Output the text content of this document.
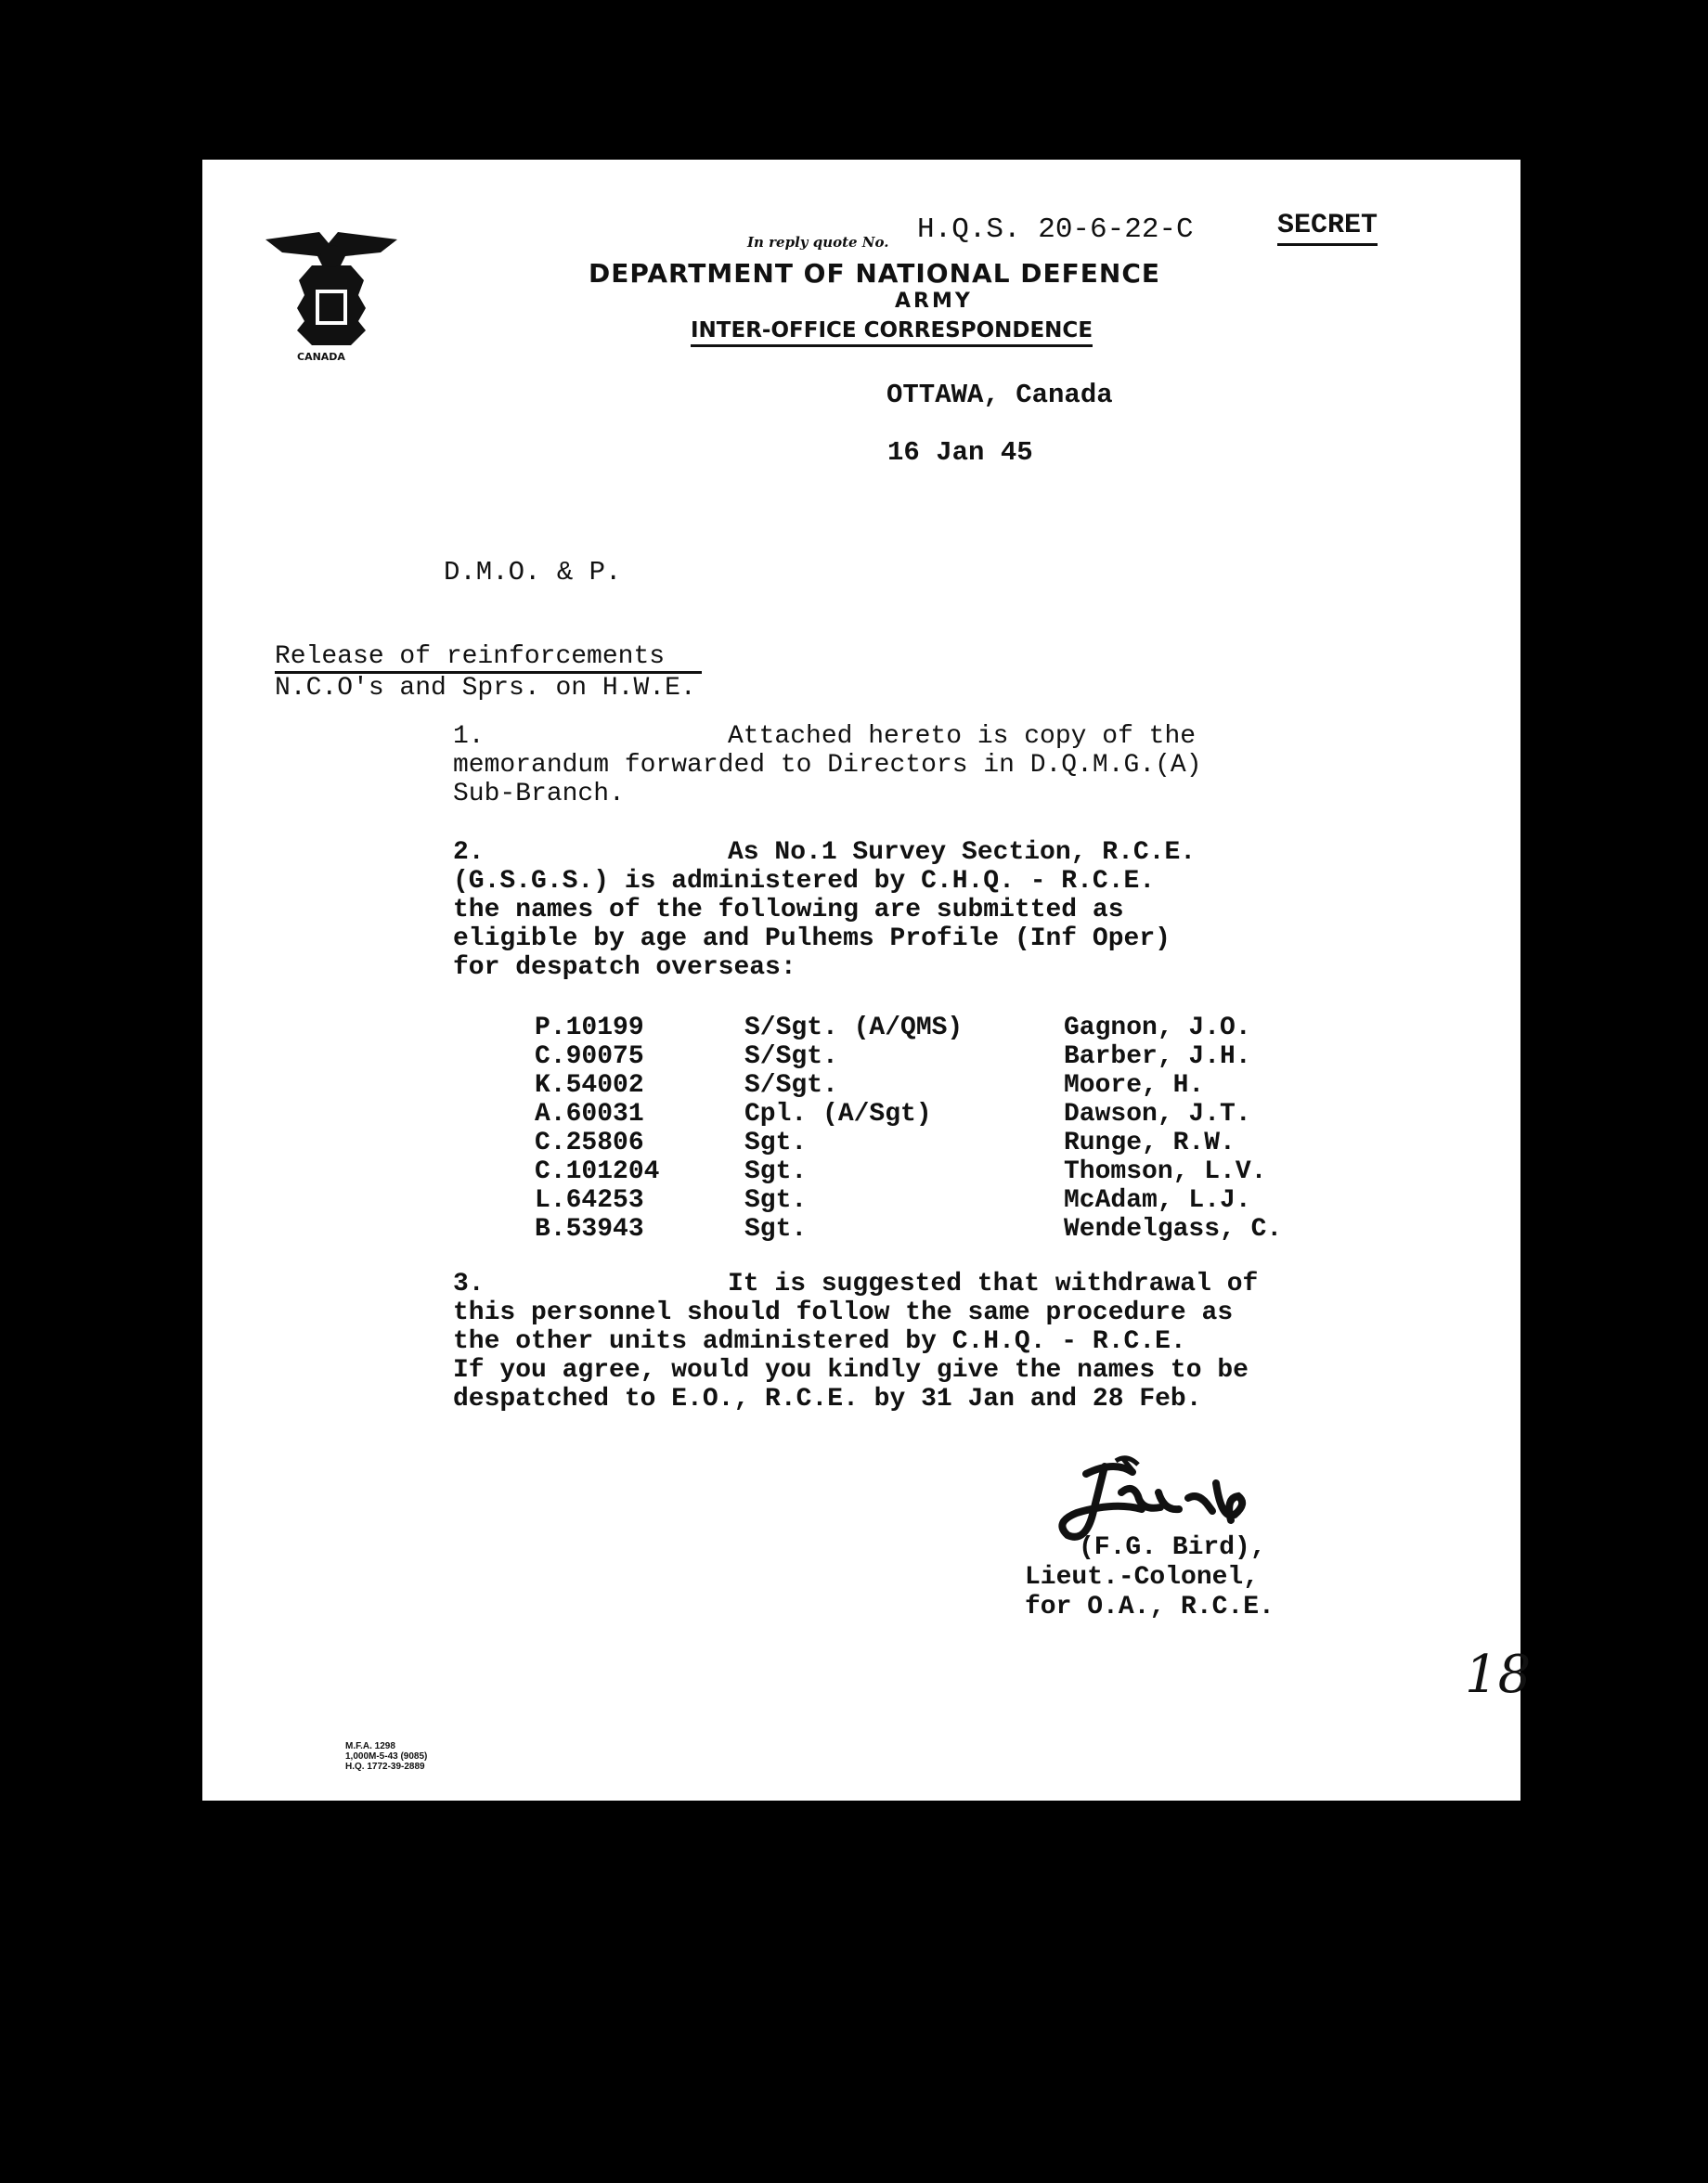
CANADA
In reply quote No. H.Q.S. 20-6-22-C	SECRET
DEPARTMENT OF NATIONAL DEFENCE
ARMY
INTER-OFFICE CORRESPONDENCE
OTTAWA, Canada
16 Jan 45
D.M.O. & P.
Release of reinforcements
N.C.O's and Sprs. on H.W.E.
1.	Attached hereto is copy of the
memorandum forwarded to Directors in D.Q.M.G.(A)
Sub-Branch.
2.	As No.1 Survey Section, R.C.E.
(G.S.G.S.) is administered by C.H.Q. - R.C.E.
the names of the following are submitted as
eligible by age and Pulhems Profile (Inf Oper)
for despatch overseas:
P.10199	S/Sgt. (A/QMS)	Gagnon, J.O.
C.90075	S/Sgt.	Barber, J.H.
K.54002	S/Sgt.	Moore, H.
A.60031	Cpl. (A/Sgt)	Dawson, J.T.
C.25806	Sgt.	Runge, R.W.
C.101204	Sgt.	Thomson, L.V.
L.64253	Sgt.	McAdam, L.J.
B.53943	Sgt.	Wendelgass, C.
3.	It is suggested that withdrawal of
this personnel should follow the same procedure as
the other units administered by C.H.Q. - R.C.E.
If you agree, would you kindly give the names to be
despatched to E.O., R.C.E. by 31 Jan and 28 Feb.
(F.G. Bird),
Lieut.-Colonel,
for O.A., R.C.E.
18
M.F.A. 1298
1,000M-5-43 (9085)
H.Q. 1772-39-2889
